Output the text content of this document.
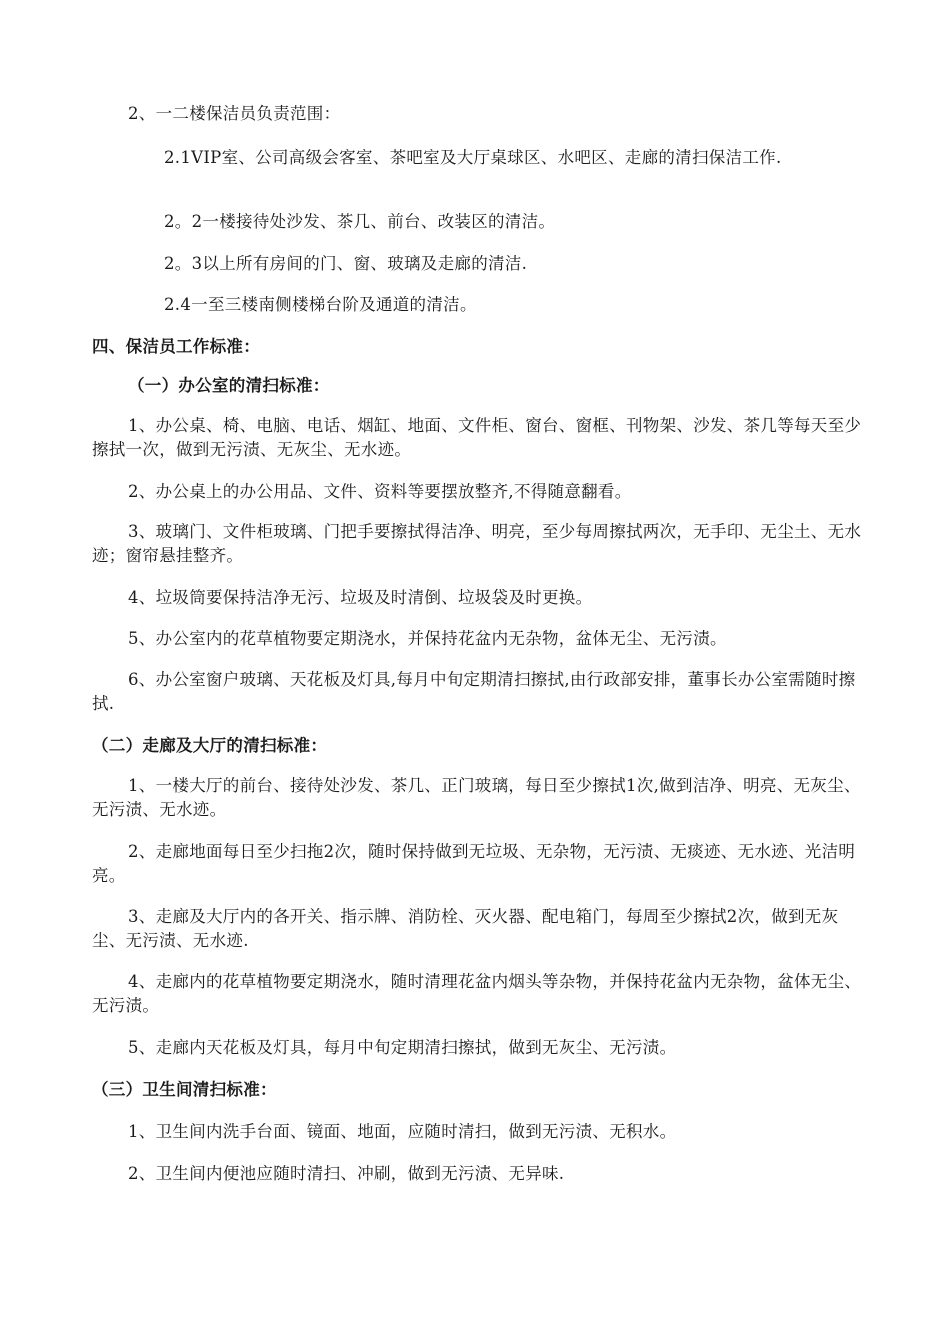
2、一二楼保洁员负责范围：

2.1VIP室、公司高级会客室、茶吧室及大厅桌球区、水吧区、走廊的清扫保洁工作.

2。2一楼接待处沙发、茶几、前台、改装区的清洁。

2。3以上所有房间的门、窗、玻璃及走廊的清洁.

2.4一至三楼南侧楼梯台阶及通道的清洁。

四、保洁员工作标准：

（一）办公室的清扫标准：

1、办公桌、椅、电脑、电话、烟缸、地面、文件柜、窗台、窗框、刊物架、沙发、茶几等每天至少擦拭一次，做到无污渍、无灰尘、无水迹。

2、办公桌上的办公用品、文件、资料等要摆放整齐,不得随意翻看。

3、玻璃门、文件柜玻璃、门把手要擦拭得洁净、明亮，至少每周擦拭两次，无手印、无尘土、无水迹；窗帘悬挂整齐。

4、垃圾筒要保持洁净无污、垃圾及时清倒、垃圾袋及时更换。

5、办公室内的花草植物要定期浇水，并保持花盆内无杂物，盆体无尘、无污渍。

6、办公室窗户玻璃、天花板及灯具,每月中旬定期清扫擦拭,由行政部安排，董事长办公室需随时擦拭.

（二）走廊及大厅的清扫标准：

1、一楼大厅的前台、接待处沙发、茶几、正门玻璃，每日至少擦拭1次,做到洁净、明亮、无灰尘、无污渍、无水迹。

2、走廊地面每日至少扫拖2次，随时保持做到无垃圾、无杂物，无污渍、无痰迹、无水迹、光洁明亮。

3、走廊及大厅内的各开关、指示牌、消防栓、灭火器、配电箱门，每周至少擦拭2次，做到无灰尘、无污渍、无水迹.

4、走廊内的花草植物要定期浇水，随时清理花盆内烟头等杂物，并保持花盆内无杂物，盆体无尘、无污渍。

5、走廊内天花板及灯具，每月中旬定期清扫擦拭，做到无灰尘、无污渍。

（三）卫生间清扫标准：

1、卫生间内洗手台面、镜面、地面，应随时清扫，做到无污渍、无积水。

2、卫生间内便池应随时清扫、冲刷，做到无污渍、无异味.
